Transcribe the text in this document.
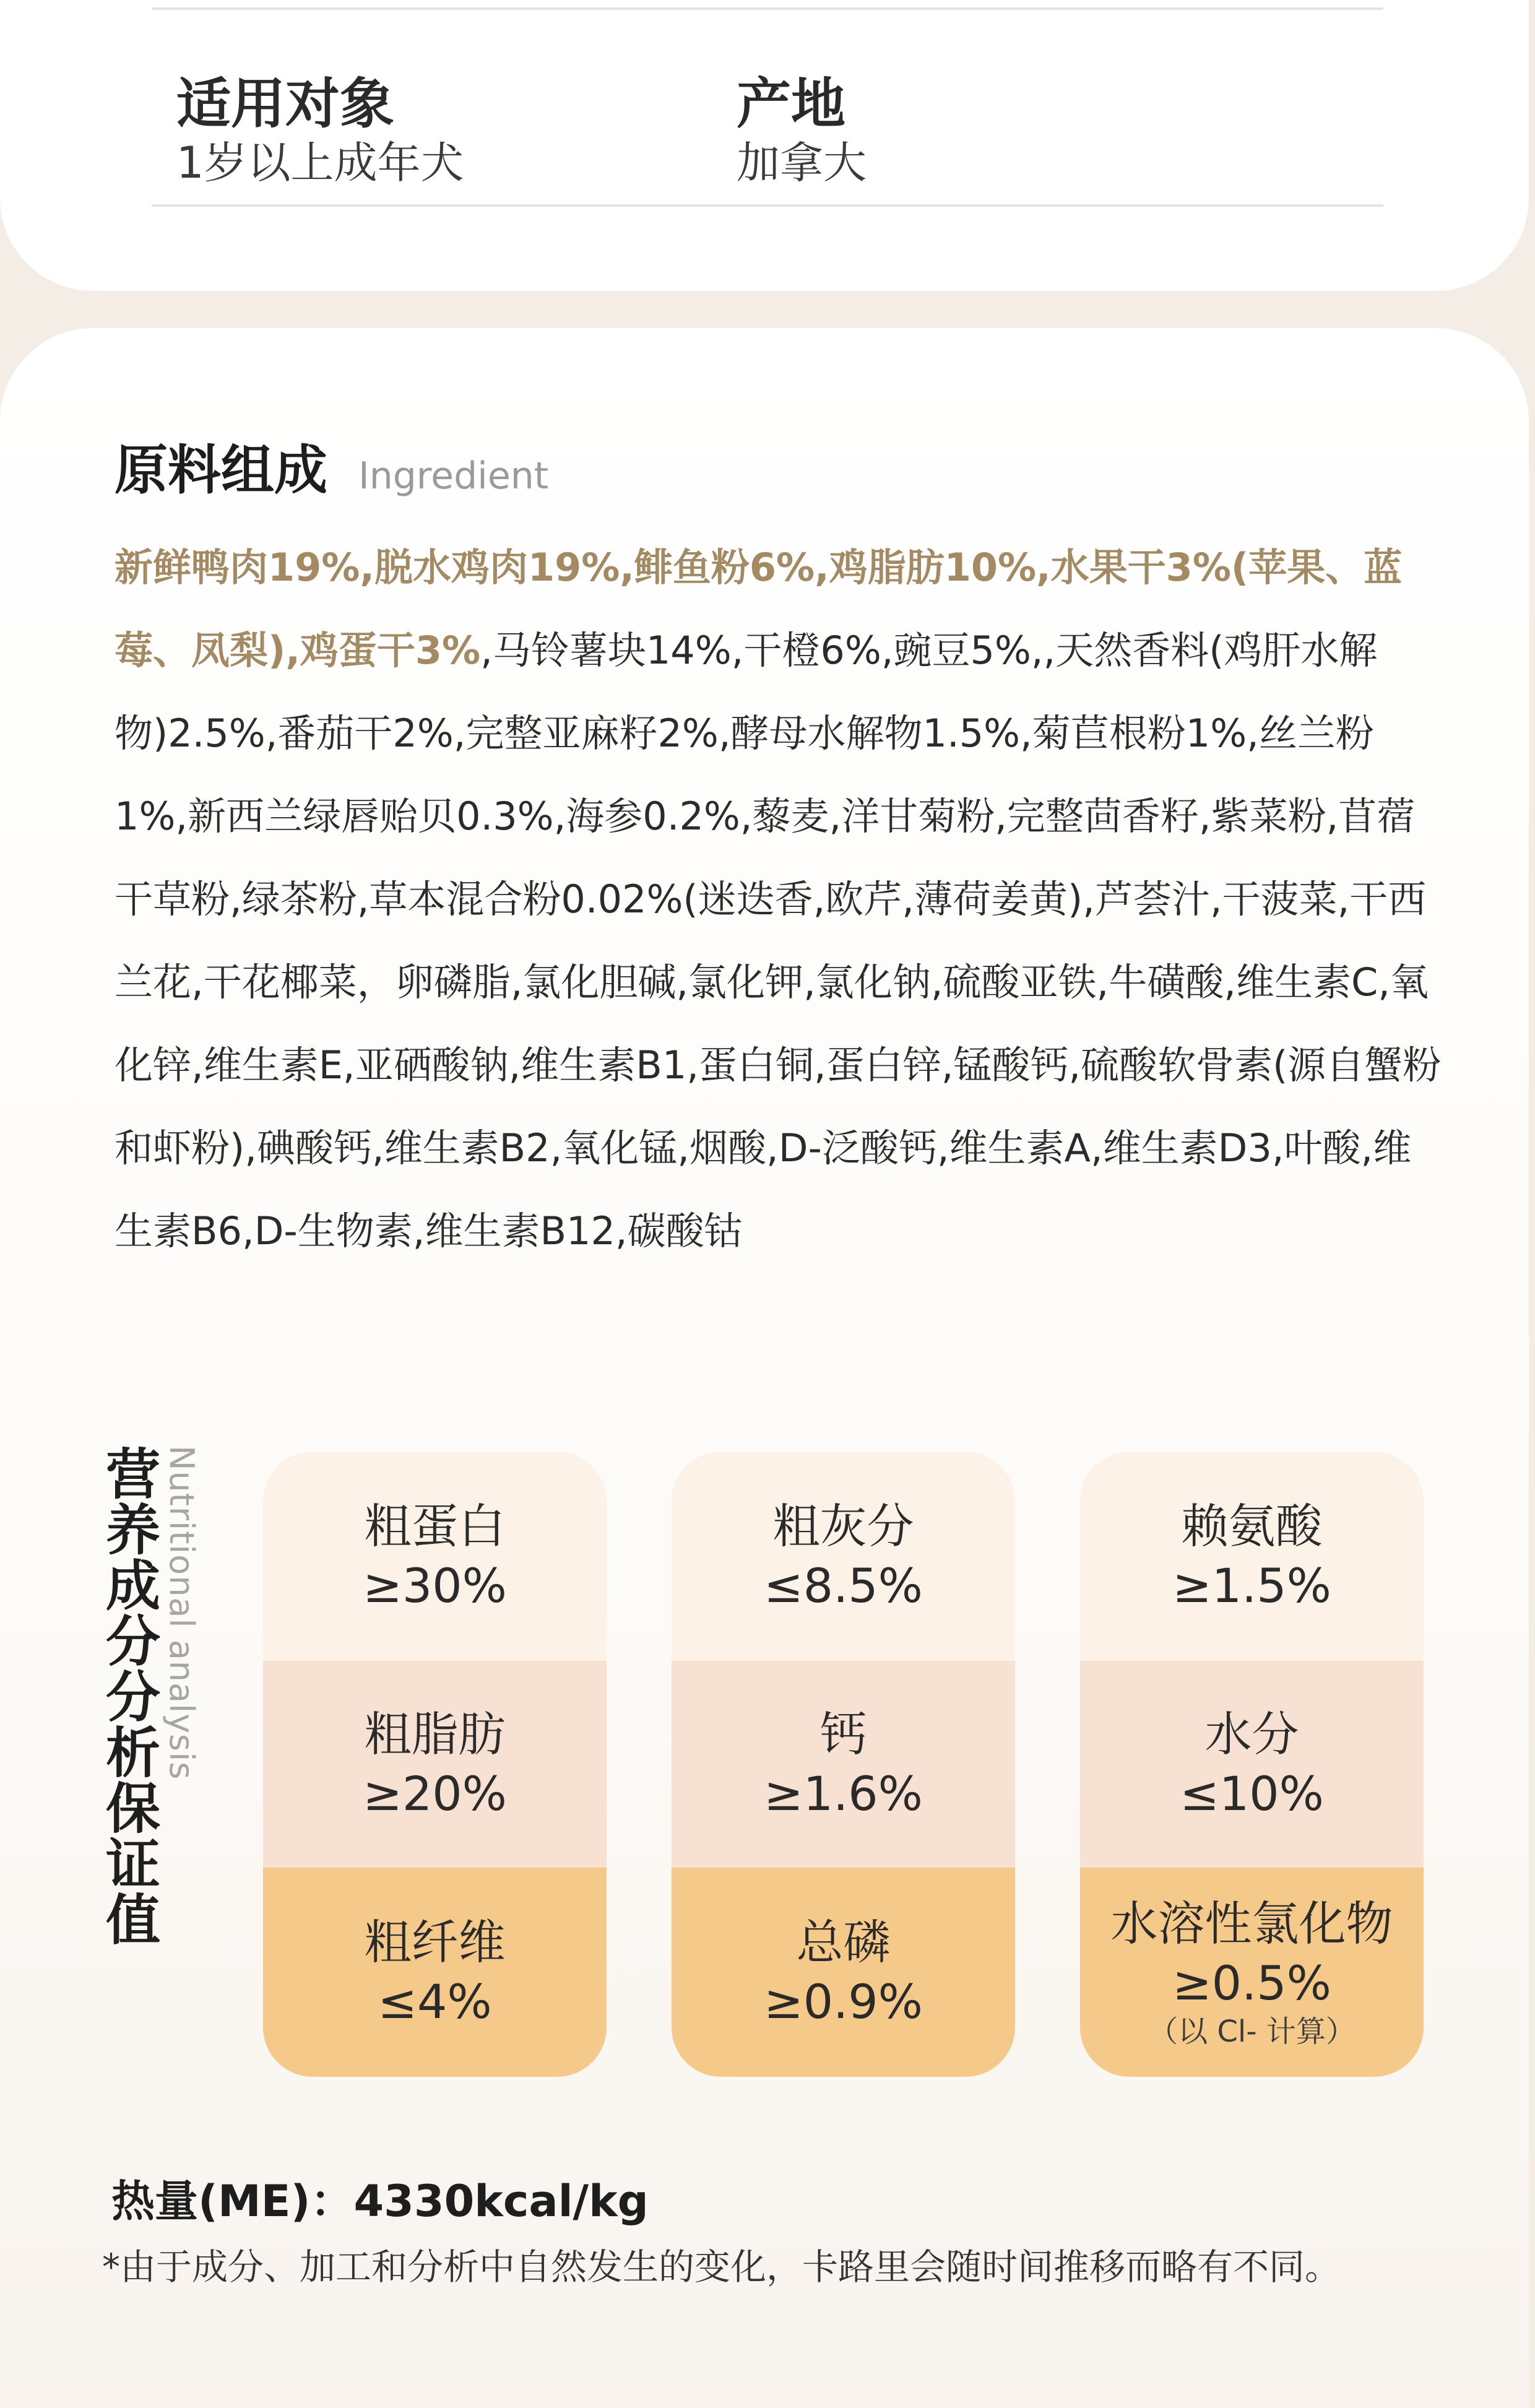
适用对象
1岁以上成年犬
产地
加拿大
原料组成 Ingredient
新鲜鸭肉19%,脱水鸡肉19%,鲱鱼粉6%,鸡脂肪10%,水果干3%(苹果、蓝莓、凤梨),鸡蛋干3%,马铃薯块14%,干橙6%,豌豆5%,,天然香料(鸡肝水解物)2.5%,番茄干2%,完整亚麻籽2%,酵母水解物1.5%,菊苣根粉1%,丝兰粉1%,新西兰绿唇贻贝0.3%,海参0.2%,藜麦,洋甘菊粉,完整茴香籽,紫菜粉,苜蓿干草粉,绿茶粉,草本混合粉0.02%(迷迭香,欧芹,薄荷姜黄),芦荟汁,干菠菜,干西兰花,干花椰菜，卵磷脂,氯化胆碱,氯化钾,氯化钠,硫酸亚铁,牛磺酸,维生素C,氧化锌,维生素E,亚硒酸钠,维生素B1,蛋白铜,蛋白锌,锰酸钙,硫酸软骨素(源自蟹粉和虾粉),碘酸钙,维生素B2,氧化锰,烟酸,D-泛酸钙,维生素A,维生素D3,叶酸,维生素B6,D-生物素,维生素B12,碳酸钴
营养成分分析保证值 Nutritional analysis	粗蛋白
≥30%
粗脂肪
≥20%
粗纤维
≤4%
粗灰分
≤8.5%
钙
≥1.6%
总磷
≥0.9%
赖氨酸
≥1.5%
水分
≤10%
水溶性氯化物
≥0.5%
（以 Cl- 计算）
热量(ME)：4330kcal/kg
*由于成分、加工和分析中自然发生的变化，卡路里会随时间推移而略有不同。
